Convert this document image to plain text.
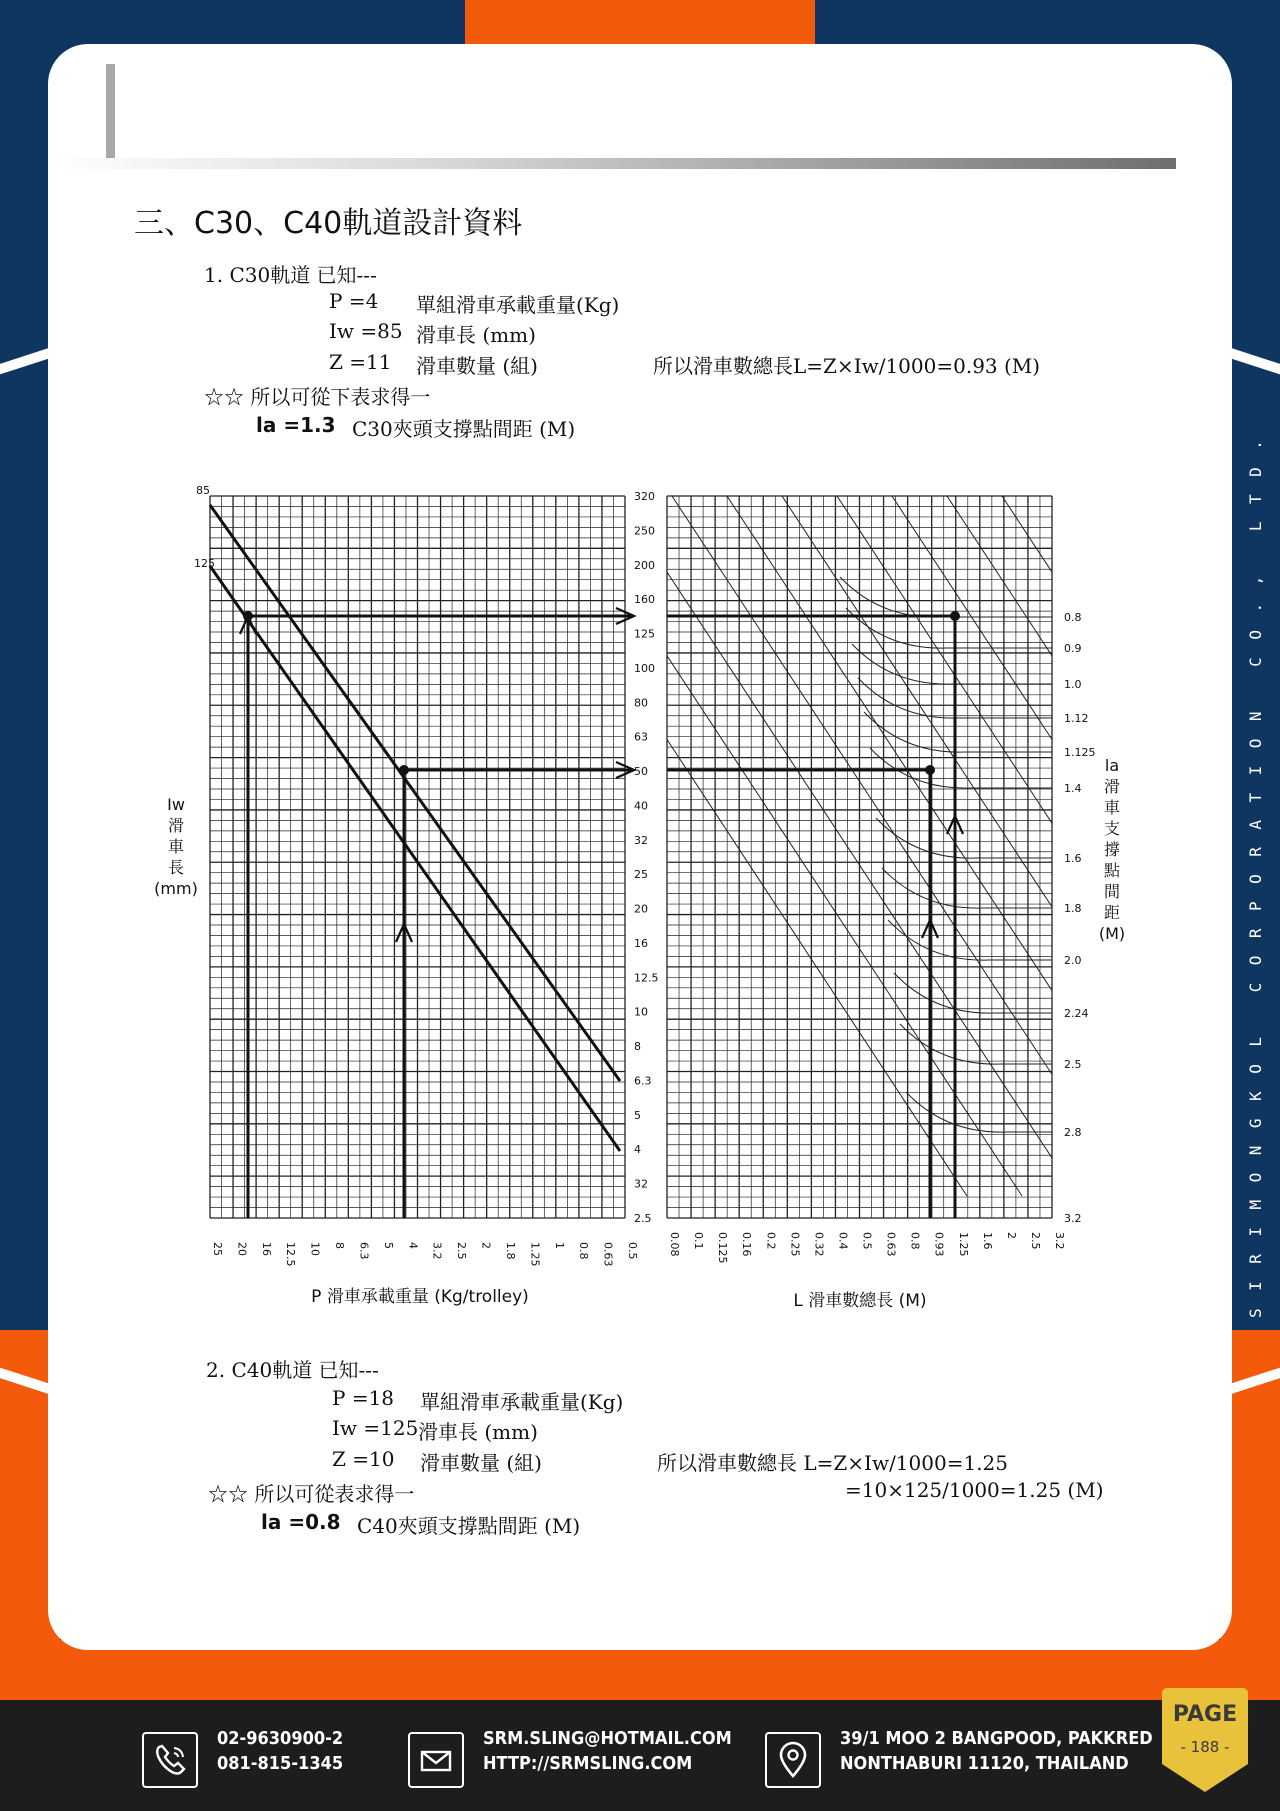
SIRIMONGKOL CORPORATION CO., LTD.
三、C30、C40軌道設計資料
1. C30軌道 已知---
P =4 單組滑車承載重量(Kg)
Iw =85 滑車長 (mm)
Z =11 滑車數量 (組)	所以滑車數總長L=Z×Iw/1000=0.93 (M)
☆☆ 所以可從下表求得一
la =1.3 C30夾頭支撐點間距 (M)
320
250
200
160
125
100
80
63
50
40
32
25
20
16
12.5
10
8
6.3
5
4
32
2.5
25 20 16 12.5 10 8 6.3 5 4 3.2 2.5 2 1.8 1.25 1 0.8 0.63 0.5	0.08 0.1 0.125 0.16 0.2 0.25 0.32 0.4 0.5 0.63 0.8 0.93 1.25 1.6 2 2.5 3.2
0.8
0.9
1.0
1.12
1.125
1.4
1.6
1.8
2.0
2.24
2.5
2.8
3.2
Iw
滑
車
長
(mm)
la
滑
車
支
撐
點
間
距
(M)
85
125
P 滑車承載重量 (Kg/trolley)	L 滑車數總長 (M)
2. C40軌道 已知---
P =18 單組滑車承載重量(Kg)
Iw =125 滑車長 (mm)
Z =10 滑車數量 (組)	所以滑車數總長 L=Z×Iw/1000=1.25
☆☆ 所以可從表求得一	=10×125/1000=1.25 (M)
la =0.8 C40夾頭支撐點間距 (M)
02-9630900-2
081-815-1345
SRM.SLING@HOTMAIL.COM
HTTP://SRMSLING.COM
39/1 MOO 2 BANGPOOD, PAKKRED
NONTHABURI 11120, THAILAND
PAGE
- 188 -
